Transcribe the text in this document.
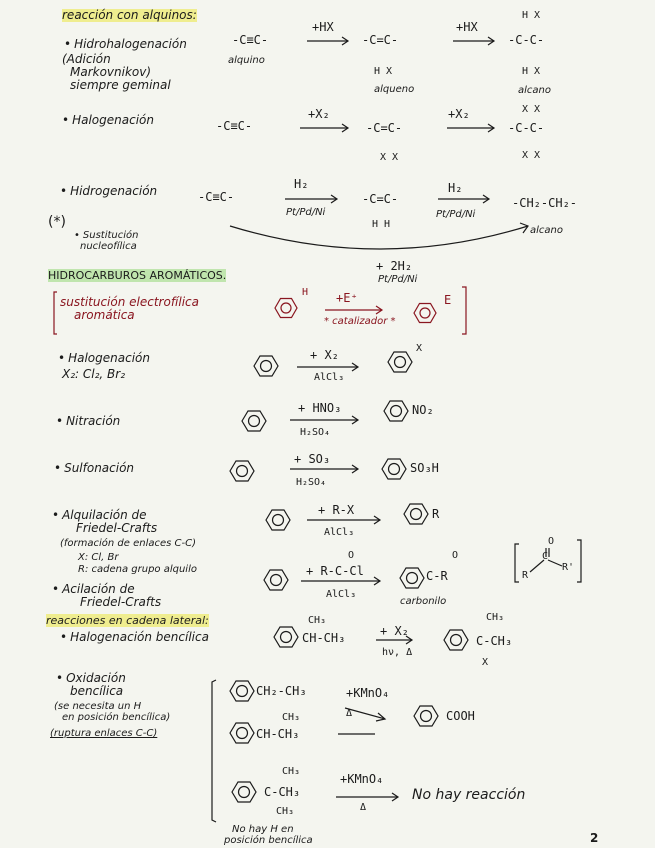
reacción con alquinos:
• Hidrohalogenación
(Adición
Markovnikov)
siempre geminal
-C≡C-
alquino
+HX
-C=C-
H X
alqueno
+HX
H X
-C-C-
H X
alcano
• Halogenación	-C≡C-
+X₂
-C=C-
X X
+X₂	X X
-C-C-
X X
• Hidrogenación	-C≡C-
H₂
Pt/Pd/Ni
-C=C-
H H
H₂
Pt/Pd/Ni
-CH₂-CH₂-
alcano
+ 2H₂
Pt/Pd/Ni
(*)
• Sustitución
nucleofílica
HIDROCARBUROS AROMÁTICOS.
sustitución electrofílica
aromática
H +E⁺
* catalizador *
E
• Halogenación
X₂: Cl₂, Br₂
+ X₂
AlCl₃
X
• Nitración
+ HNO₃
H₂SO₄
NO₂
• Sulfonación
+ SO₃
H₂SO₄
SO₃H
• Alquilación de
Friedel-Crafts
(formación de enlaces C-C)
X: Cl, Br
R: cadena grupo alquilo
+ R-X
AlCl₃
R
• Acilación de
Friedel-Crafts
O
+ R-C-Cl
AlCl₃
O
C-R
carbonilo
O
C
R
R'
reacciones en cadena lateral:
• Halogenación bencílica
CH₃
CH-CH₃	+ X₂
hν, Δ
CH₃
C-CH₃
X
• Oxidación
bencílica
(se necesita un H
en posición bencílica)
(ruptura enlaces C-C)
CH₂-CH₃
CH₃
CH-CH₃
+KMnO₄
Δ	COOH
CH₃
C-CH₃
CH₃
+KMnO₄
Δ
No hay reacción
No hay H en
posición bencílica	2
